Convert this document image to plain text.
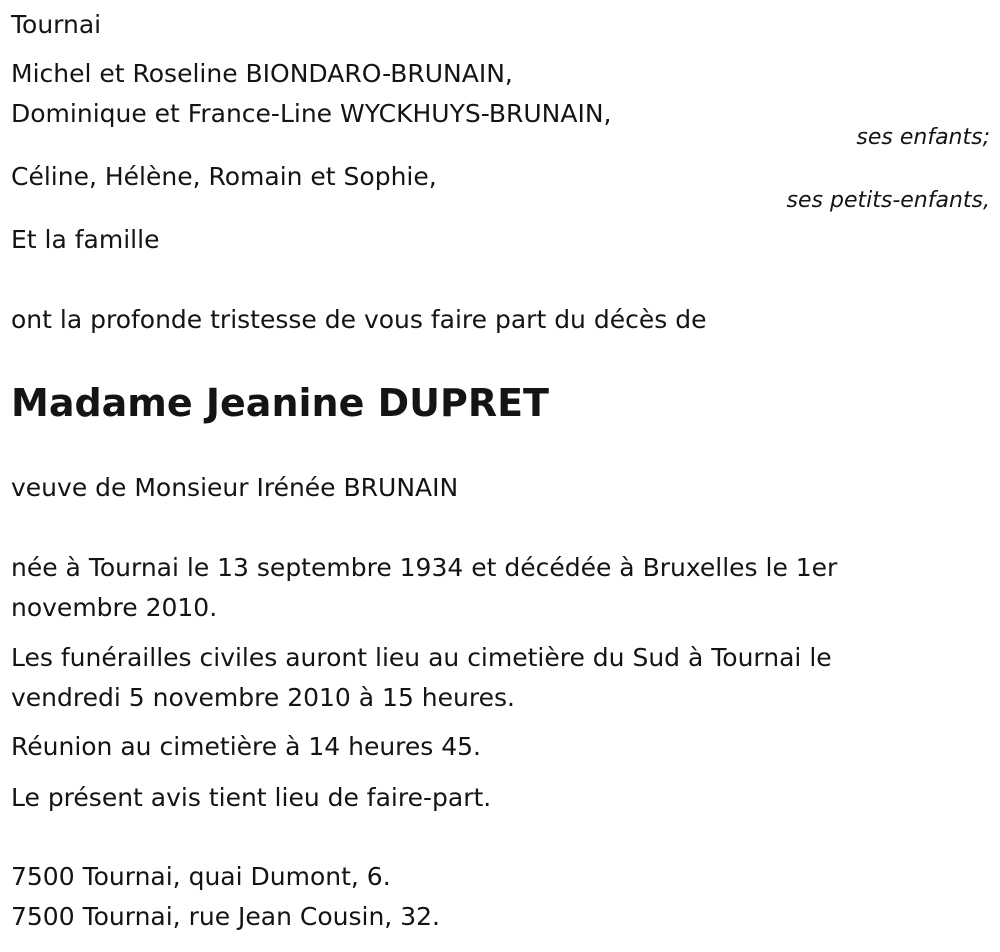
Tournai
Michel et Roseline BIONDARO-BRUNAIN,
Dominique et France-Line WYCKHUYS-BRUNAIN,
ses enfants;
Céline, Hélène, Romain et Sophie,
ses petits-enfants,
Et la famille
ont la profonde tristesse de vous faire part du décès de
Madame Jeanine DUPRET
veuve de Monsieur Irénée BRUNAIN
née à Tournai le 13 septembre 1934 et décédée à Bruxelles le 1er
novembre 2010.
Les funérailles civiles auront lieu au cimetière du Sud à Tournai le
vendredi 5 novembre 2010 à 15 heures.
Réunion au cimetière à 14 heures 45.
Le présent avis tient lieu de faire-part.
7500 Tournai, quai Dumont, 6.
7500 Tournai, rue Jean Cousin, 32.
